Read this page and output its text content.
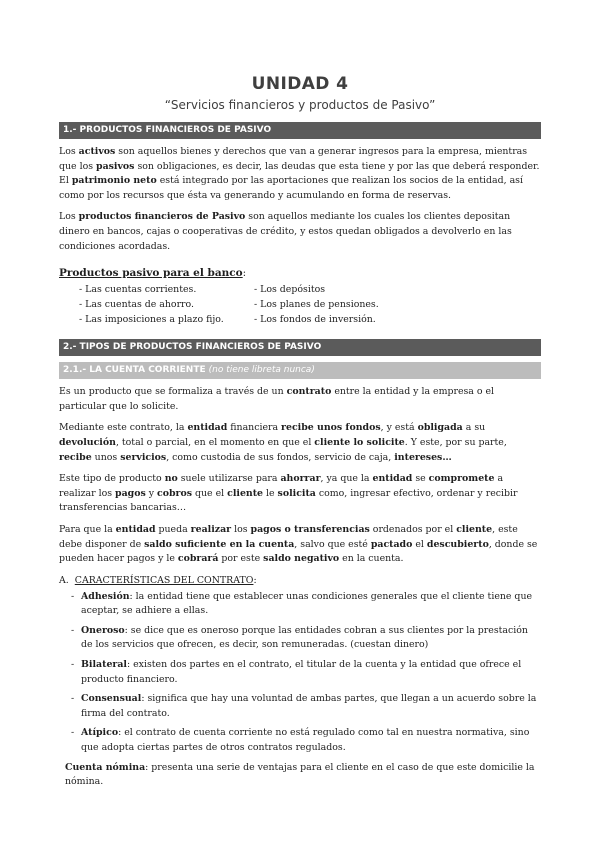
UNIDAD 4
“Servicios financieros y productos de Pasivo”
1.- PRODUCTOS FINANCIEROS DE PASIVO

Los activos son aquellos bienes y derechos que van a generar ingresos para la empresa, mientras que los pasivos son obligaciones, es decir, las deudas que esta tiene y por las que deberá responder. El patrimonio neto está integrado por las aportaciones que realizan los socios de la entidad, así como por los recursos que ésta va generando y acumulando en forma de reservas.

Los productos financieros de Pasivo son aquellos mediante los cuales los clientes depositan dinero en bancos, cajas o cooperativas de crédito, y estos quedan obligados a devolverlo en las condiciones acordadas.

Productos pasivo para el banco:
- Las cuentas corrientes.	- Los depósitos
- Las cuentas de ahorro.	- Los planes de pensiones.
- Las imposiciones a plazo fijo.	- Los fondos de inversión.
2.- TIPOS DE PRODUCTOS FINANCIEROS DE PASIVO
2.1.- LA CUENTA CORRIENTE (no tiene libreta nunca)

Es un producto que se formaliza a través de un contrato entre la entidad y la empresa o el particular que lo solicite.

Mediante este contrato, la entidad financiera recibe unos fondos, y está obligada a su devolución, total o parcial, en el momento en que el cliente lo solicite. Y este, por su parte, recibe unos servicios, como custodia de sus fondos, servicio de caja, intereses…

Este tipo de producto no suele utilizarse para ahorrar, ya que la entidad se compromete a realizar los pagos y cobros que el cliente le solicita como, ingresar efectivo, ordenar y recibir transferencias bancarias…

Para que la entidad pueda realizar los pagos o transferencias ordenados por el cliente, este debe disponer de saldo suficiente en la cuenta, salvo que esté pactado el descubierto, donde se pueden hacer pagos y le cobrará por este saldo negativo en la cuenta.

A. CARACTERÍSTICAS DEL CONTRATO:
- Adhesión: la entidad tiene que establecer unas condiciones generales que el cliente tiene que aceptar, se adhiere a ellas.
- Oneroso: se dice que es oneroso porque las entidades cobran a sus clientes por la prestación de los servicios que ofrecen, es decir, son remuneradas. (cuestan dinero)
- Bilateral: existen dos partes en el contrato, el titular de la cuenta y la entidad que ofrece el producto financiero.
- Consensual: significa que hay una voluntad de ambas partes, que llegan a un acuerdo sobre la firma del contrato.
- Atípico: el contrato de cuenta corriente no está regulado como tal en nuestra normativa, sino que adopta ciertas partes de otros contratos regulados.

Cuenta nómina: presenta una serie de ventajas para el cliente en el caso de que este domicilie la nómina.
